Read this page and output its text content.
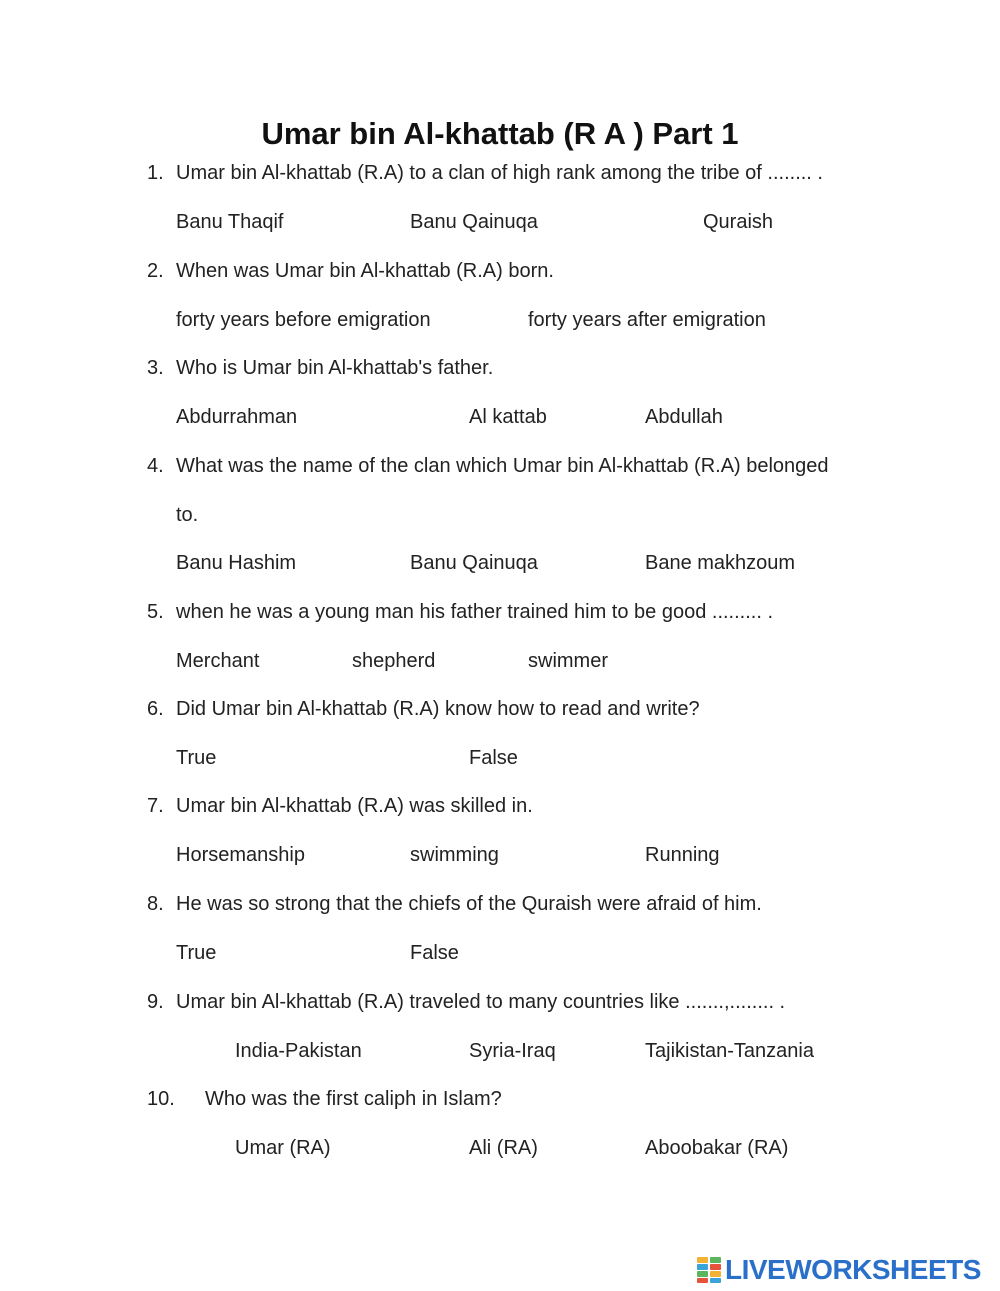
Umar bin Al-khattab (R A ) Part 1
1. Umar bin Al-khattab (R.A) to a clan of high rank among the tribe of ........ .
Banu Thaqif	Banu Qainuqa	Quraish
2. When was Umar bin Al-khattab (R.A) born.
forty years before emigration	forty years after emigration
3. Who is Umar bin Al-khattab's father.
Abdurrahman	Al kattab	Abdullah
4. What was the name of the clan which Umar bin Al-khattab (R.A) belonged
to.
Banu Hashim	Banu Qainuqa	Bane makhzoum
5. when he was a young man his father trained him to be good ......... .
Merchant	shepherd	swimmer
6. Did Umar bin Al-khattab (R.A) know how to read and write?
True	False
7. Umar bin Al-khattab (R.A) was skilled in.
Horsemanship	swimming	Running
8. He was so strong that the chiefs of the Quraish were afraid of him.
True	False
9. Umar bin Al-khattab (R.A) traveled to many countries like .......,........ .
India-Pakistan	Syria-Iraq	Tajikistan-Tanzania
10. Who was the first caliph in Islam?
Umar (RA)	Ali (RA)	Aboobakar (RA)
LIVEWORKSHEETS
